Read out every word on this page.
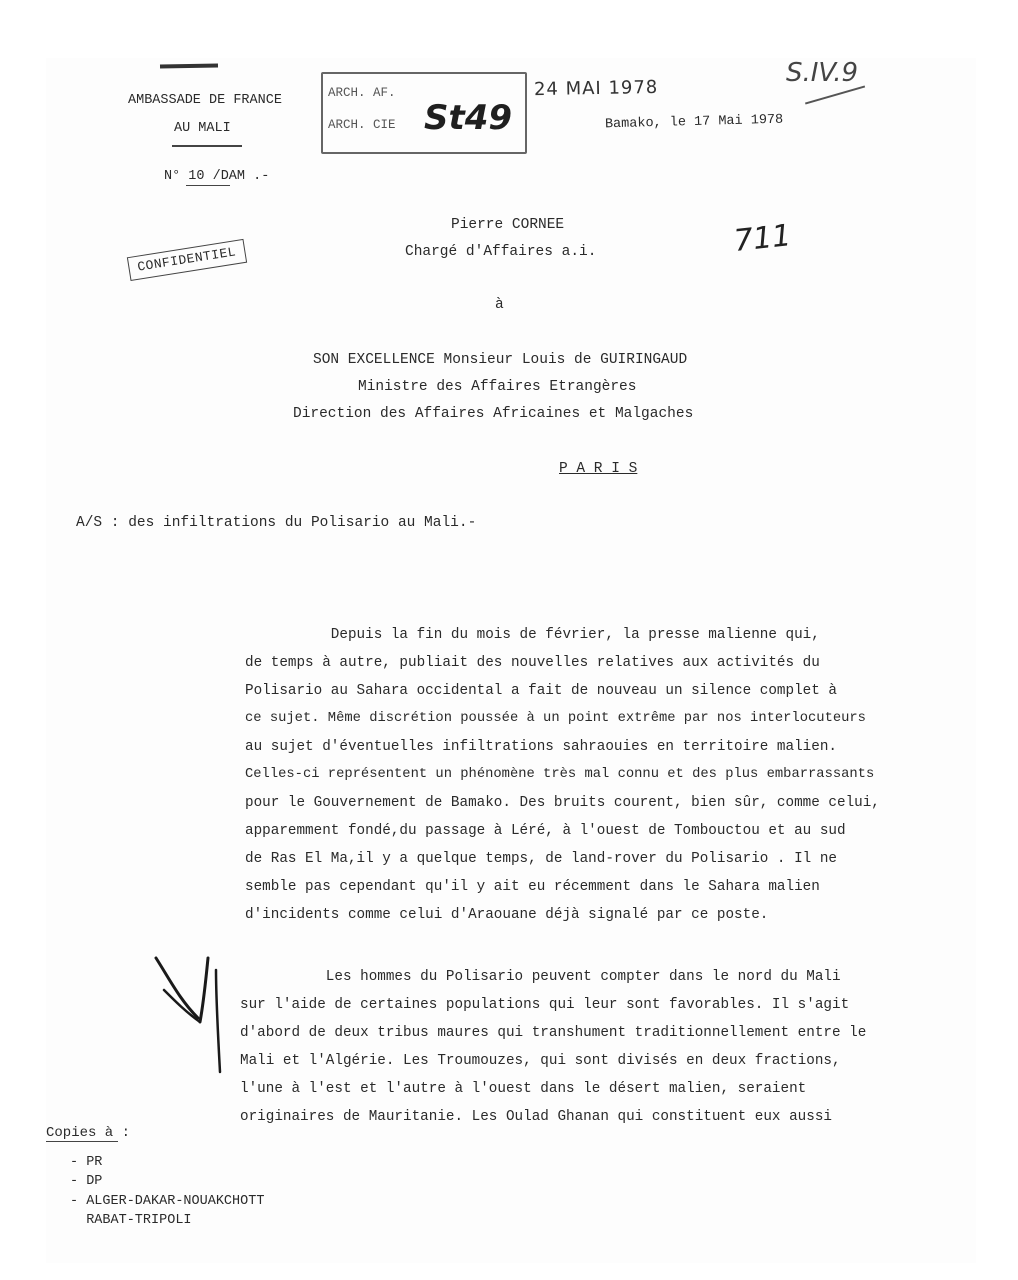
AMBASSADE DE FRANCE
AU MALI
N° 10 /DAM .-
ARCH. AF.
ARCH. CIE St49
24 MAI 1978
S.IV.9
Bamako, le 17 Mai 1978
Pierre CORNEE
Chargé d'Affaires a.i.	711
CONFIDENTIEL
à
SON EXCELLENCE Monsieur Louis de GUIRINGAUD
Ministre des Affaires Etrangères
Direction des Affaires Africaines et Malgaches
P A R I S
A/S : des infiltrations du Polisario au Mali.-
Depuis la fin du mois de février, la presse malienne qui,
de temps à autre, publiait des nouvelles relatives aux activités du
Polisario au Sahara occidental a fait de nouveau un silence complet à
ce sujet. Même discrétion poussée à un point extrême par nos interlocuteurs
au sujet d'éventuelles infiltrations sahraouies en territoire malien.
Celles-ci représentent un phénomène très mal connu et des plus embarrassants
pour le Gouvernement de Bamako. Des bruits courent, bien sûr, comme celui,
apparemment fondé,du passage à Léré, à l'ouest de Tombouctou et au sud
de Ras El Ma,il y a quelque temps, de land-rover du Polisario . Il ne
semble pas cependant qu'il y ait eu récemment dans le Sahara malien
d'incidents comme celui d'Araouane déjà signalé par ce poste.
Les hommes du Polisario peuvent compter dans le nord du Mali
sur l'aide de certaines populations qui leur sont favorables. Il s'agit
d'abord de deux tribus maures qui transhument traditionnellement entre le
Mali et l'Algérie. Les Troumouzes, qui sont divisés en deux fractions,
l'une à l'est et l'autre à l'ouest dans le désert malien, seraient
originaires de Mauritanie. Les Oulad Ghanan qui constituent eux aussi
Copies à :
- PR
- DP
- ALGER-DAKAR-NOUAKCHOTT
RABAT-TRIPOLI
